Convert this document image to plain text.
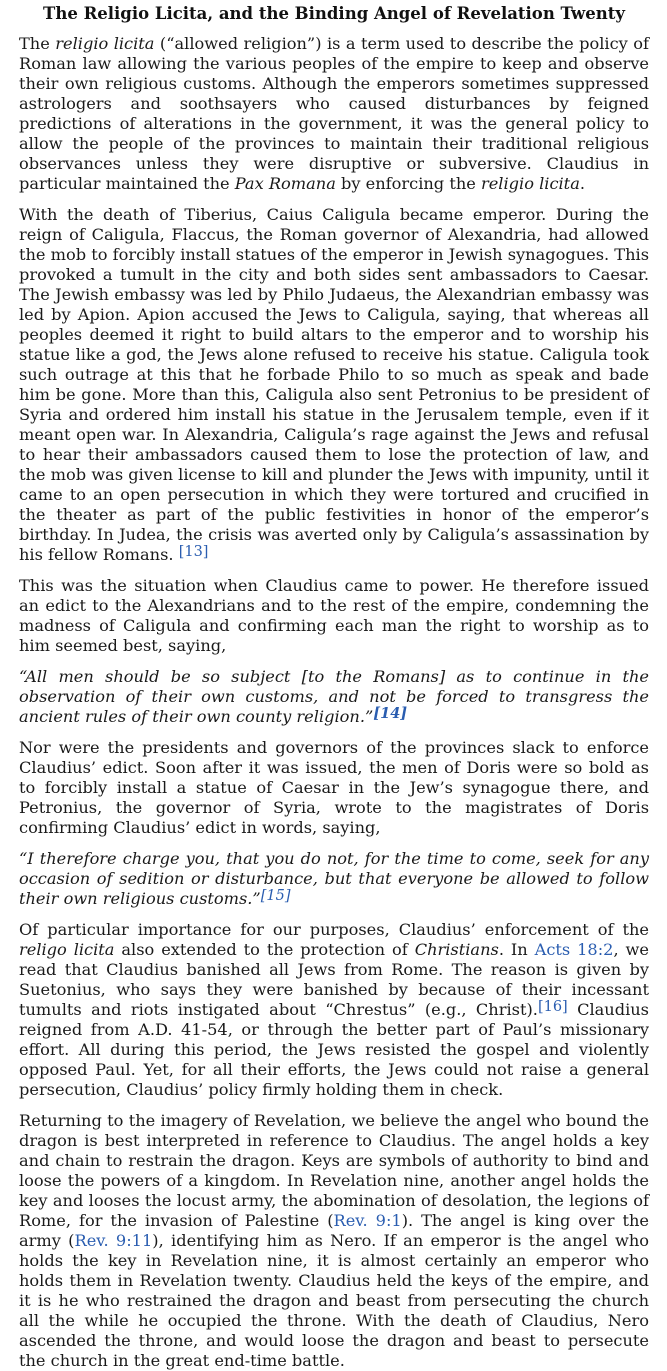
The Religio Licita, and the Binding Angel of Revelation Twenty

The religio licita (“allowed religion”) is a term used to describe the policy of Roman law allowing the various peoples of the empire to keep and observe their own religious customs. Although the emperors sometimes suppressed astrologers and soothsayers who caused disturbances by feigned predictions of alterations in the government, it was the general policy to allow the people of the provinces to maintain their traditional religious observances unless they were disruptive or subversive. Claudius in particular maintained the Pax Romana by enforcing the religio licita.

With the death of Tiberius, Caius Caligula became emperor. During the reign of Caligula, Flaccus, the Roman governor of Alexandria, had allowed the mob to forcibly install statues of the emperor in Jewish synagogues. This provoked a tumult in the city and both sides sent ambassadors to Caesar. The Jewish embassy was led by Philo Judaeus, the Alexandrian embassy was led by Apion. Apion accused the Jews to Caligula, saying, that whereas all peoples deemed it right to build altars to the emperor and to worship his statue like a god, the Jews alone refused to receive his statue. Caligula took such outrage at this that he forbade Philo to so much as speak and bade him be gone. More than this, Caligula also sent Petronius to be president of Syria and ordered him install his statue in the Jerusalem temple, even if it meant open war. In Alexandria, Caligula’s rage against the Jews and refusal to hear their ambassadors caused them to lose the protection of law, and the mob was given license to kill and plunder the Jews with impunity, until it came to an open persecution in which they were tortured and crucified in the theater as part of the public festivities in honor of the emperor’s birthday. In Judea, the crisis was averted only by Caligula’s assassination by his fellow Romans. [13]

This was the situation when Claudius came to power. He therefore issued an edict to the Alexandrians and to the rest of the empire, condemning the madness of Caligula and confirming each man the right to worship as to him seemed best, saying,

“All men should be so subject [to the Romans] as to continue in the observation of their own customs, and not be forced to transgress the ancient rules of their own county religion.”[14]

Nor were the presidents and governors of the provinces slack to enforce Claudius’ edict. Soon after it was issued, the men of Doris were so bold as to forcibly install a statue of Caesar in the Jew’s synagogue there, and Petronius, the governor of Syria, wrote to the magistrates of Doris confirming Claudius’ edict in words, saying,

“I therefore charge you, that you do not, for the time to come, seek for any occasion of sedition or disturbance, but that everyone be allowed to follow their own religious customs.”[15]

Of particular importance for our purposes, Claudius’ enforcement of the religo licita also extended to the protection of Christians. In Acts 18:2, we read that Claudius banished all Jews from Rome. The reason is given by Suetonius, who says they were banished by because of their incessant tumults and riots instigated about “Chrestus” (e.g., Christ).[16] Claudius reigned from A.D. 41-54, or through the better part of Paul’s missionary effort. All during this period, the Jews resisted the gospel and violently opposed Paul. Yet, for all their efforts, the Jews could not raise a general persecution, Claudius’ policy firmly holding them in check.

Returning to the imagery of Revelation, we believe the angel who bound the dragon is best interpreted in reference to Claudius. The angel holds a key and chain to restrain the dragon. Keys are symbols of authority to bind and loose the powers of a kingdom. In Revelation nine, another angel holds the key and looses the locust army, the abomination of desolation, the legions of Rome, for the invasion of Palestine (Rev. 9:1). The angel is king over the army (Rev. 9:11), identifying him as Nero. If an emperor is the angel who holds the key in Revelation nine, it is almost certainly an emperor who holds them in Revelation twenty. Claudius held the keys of the empire, and it is he who restrained the dragon and beast from persecuting the church all the while he occupied the throne. With the death of Claudius, Nero ascended the throne, and would loose the dragon and beast to persecute the church in the great end-time battle.
